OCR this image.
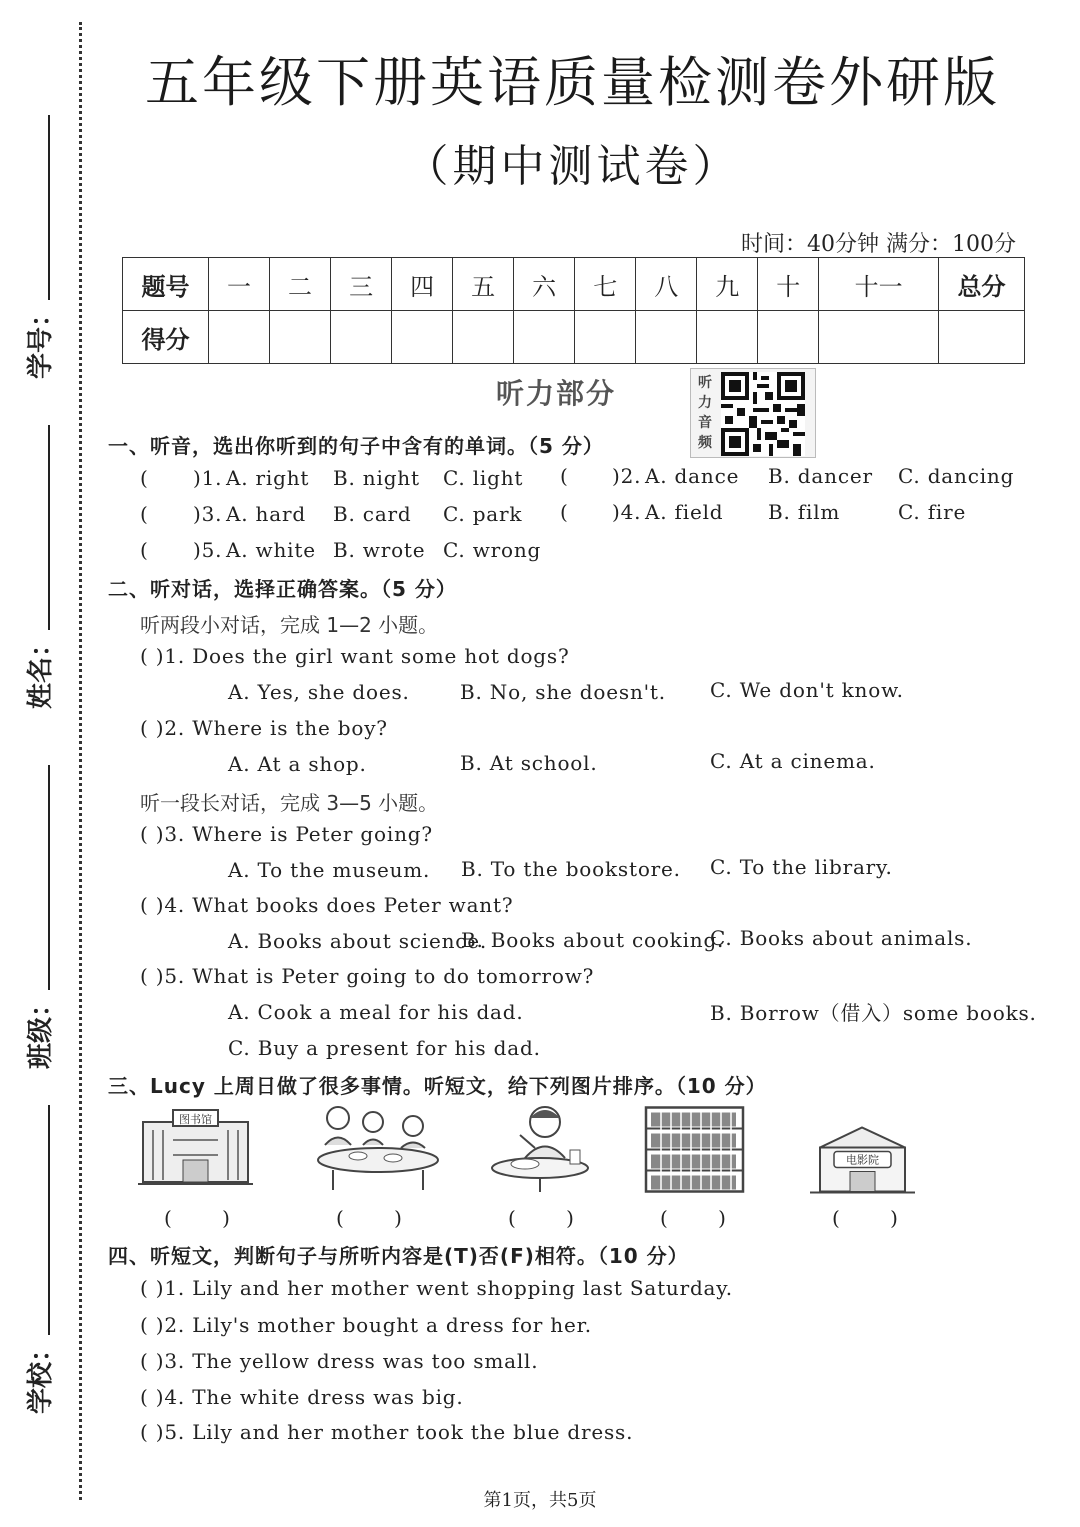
学号：
姓名：
班级：
学校：
五年级下册英语质量检测卷外研版
（期中测试卷）
时间：40分钟 满分：100分
题号	一	二	三	四	五	六	七	八	九	十	十一	总分
得分												
听力部分	听力音频
一、听音，选出你听到的句子中含有的单词。（5 分）
( )1. A. right B. night C. light ( )2. A. dance B. dancer C. dancing
( )3. A. hard B. card C. park ( )4. A. field B. film	C. fire
( )5. A. white B. wrote C. wrong
二、听对话，选择正确答案。（5 分）
听两段小对话，完成 1—2 小题。
( )1. Does the girl want some hot dogs?
A. Yes, she does.	B. No, she doesn't. C. We don't know.
( )2. Where is the boy?
A. At a shop.	B. At school.	C. At a cinema.
听一段长对话，完成 3—5 小题。
( )3. Where is Peter going?
A. To the museum. B. To the bookstore. C. To the library.
( )4. What books does Peter want?
A. Books about science.
B. Books about cooking.
C. Books about animals.
( )5. What is Peter going to do tomorrow?
A. Cook a meal for his dad.	B. Borrow（借入）some books.
C. Buy a present for his dad.
三、Lucy 上周日做了很多事情。听短文，给下列图片排序。（10 分）
图书馆
电影院
( )	( )	( )	( )	( )
四、听短文，判断句子与所听内容是(T)否(F)相符。（10 分）
( )1. Lily and her mother went shopping last Saturday.
( )2. Lily's mother bought a dress for her.
( )3. The yellow dress was too small.
( )4. The white dress was big.
( )5. Lily and her mother took the blue dress.
第1页，共5页
